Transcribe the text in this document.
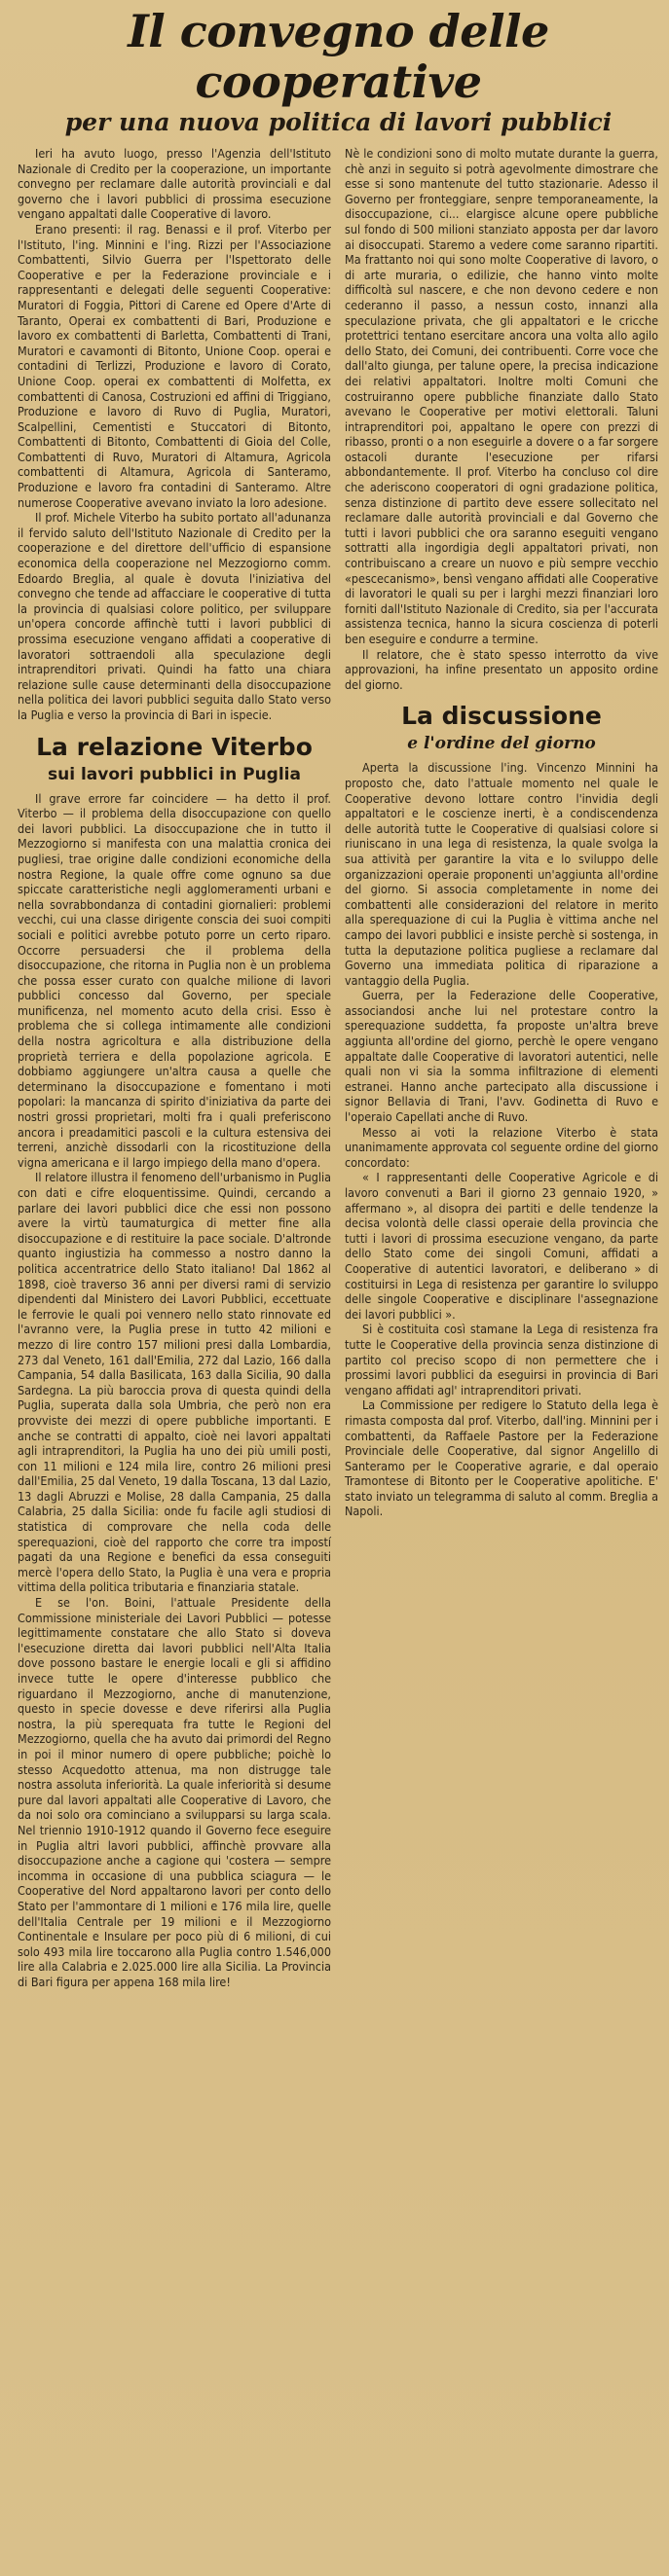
Il convegno delle cooperative
per una nuova politica di lavori pubblici

Ieri ha avuto luogo, presso l'Agenzia dell'Istituto Nazionale di Credito per la cooperazione, un importante convegno per reclamare dalle autorità provinciali e dal governo che i lavori pubblici di prossima esecuzione vengano appaltati dalle Cooperative di lavoro.

Erano presenti: il rag. Benassi e il prof. Viterbo per l'Istituto, l'ing. Minnini e l'ing. Rizzi per l'Associazione Combattenti, Silvio Guerra per l'Ispettorato delle Cooperative e per la Federazione provinciale e i rappresentanti e delegati delle seguenti Cooperative: Muratori di Foggia, Pittori di Carene ed Opere d'Arte di Taranto, Operai ex combattenti di Bari, Produzione e lavoro ex combattenti di Barletta, Combattenti di Trani, Muratori e cavamonti di Bitonto, Unione Coop. operai e contadini di Terlizzi, Produzione e lavoro di Corato, Unione Coop. operai ex combattenti di Molfetta, ex combattenti di Canosa, Costruzioni ed affini di Triggiano, Produzione e lavoro di Ruvo di Puglia, Muratori, Scalpellini, Cementisti e Stuccatori di Bitonto, Combattenti di Bitonto, Combattenti di Gioia del Colle, Combattenti di Ruvo, Muratori di Altamura, Agricola combattenti di Altamura, Agricola di Santeramo, Produzione e lavoro fra contadini di Santeramo. Altre numerose Cooperative avevano inviato la loro adesione.

Il prof. Michele Viterbo ha subito portato all'adunanza il fervido saluto dell'Istituto Nazionale di Credito per la cooperazione e del direttore dell'ufficio di espansione economica della cooperazione nel Mezzogiorno comm. Edoardo Breglia, al quale è dovuta l'iniziativa del convegno che tende ad affacciare le cooperative di tutta la provincia di qualsiasi colore politico, per sviluppare un'opera concorde affinchè tutti i lavori pubblici di prossima esecuzione vengano affidati a cooperative di lavoratori sottraendoli alla speculazione degli intraprenditori privati. Quindi ha fatto una chiara relazione sulle cause determinanti della disoccupazione nella politica dei lavori pubblici seguita dallo Stato verso la Puglia e verso la provincia di Bari in ispecie.

La relazione Viterbo
sui lavori pubblici in Puglia

Il grave errore far coincidere — ha detto il prof. Viterbo — il problema della disoccupazione con quello dei lavori pubblici. La disoccupazione che in tutto il Mezzogiorno si manifesta con una malattia cronica dei pugliesi, trae origine dalle condizioni economiche della nostra Regione, la quale offre come ognuno sa due spiccate caratteristiche negli agglomeramenti urbani e nella sovrabbondanza di contadini giornalieri: problemi vecchi, cui una classe dirigente conscia dei suoi compiti sociali e politici avrebbe potuto porre un certo riparo. Occorre persuadersi che il problema della disoccupazione, che ritorna in Puglia non è un problema che possa esser curato con qualche milione di lavori pubblici concesso dal Governo, per speciale munificenza, nel momento acuto della crisi. Esso è problema che si collega intimamente alle condizioni della nostra agricoltura e alla distribuzione della proprietà terriera e della popolazione agricola. E dobbiamo aggiungere un'altra causa a quelle che determinano la disoccupazione e fomentano i moti popolari: la mancanza di spirito d'iniziativa da parte dei nostri grossi proprietari, molti fra i quali preferiscono ancora i preadamitici pascoli e la cultura estensiva dei terreni, anzichè dissodarli con la ricostituzione della vigna americana e il largo impiego della mano d'opera.

Il relatore illustra il fenomeno dell'urbanismo in Puglia con dati e cifre eloquentissime. Quindi, cercando a parlare dei lavori pubblici dice che essi non possono avere la virtù taumaturgica di metter fine alla disoccupazione e di restituire la pace sociale. D'altronde quanto ingiustizia ha commesso a nostro danno la politica accentratrice dello Stato italiano! Dal 1862 al 1898, cioè traverso 36 anni per diversi rami di servizio dipendenti dal Ministero dei Lavori Pubblici, eccettuate le ferrovie le quali poi vennero nello stato rinnovate ed l'avranno vere, la Puglia prese in tutto 42 milioni e mezzo di lire contro 157 milioni presi dalla Lombardia, 273 dal Veneto, 161 dall'Emilia, 272 dal Lazio, 166 dalla Campania, 54 dalla Basilicata, 163 dalla Sicilia, 90 dalla Sardegna. La più baroccia prova di questa quindi della Puglia, superata dalla sola Umbria, che però non era provviste dei mezzi di opere pubbliche importanti. E anche se contratti di appalto, cioè nei lavori appaltati agli intraprenditori, la Puglia ha uno dei più umili posti, con 11 milioni e 124 mila lire, contro 26 milioni presi dall'Emilia, 25 dal Veneto, 19 dalla Toscana, 13 dal Lazio, 13 dagli Abruzzi e Molise, 28 dalla Campania, 25 dalla Calabria, 25 dalla Sicilia: onde fu facile agli studiosi di statistica di comprovare che nella coda delle sperequazioni, cioè del rapporto che corre tra impostí pagati da una Regione e benefici da essa conseguiti mercè l'opera dello Stato, la Puglia è una vera e propria vittima della politica tributaria e finanziaria statale.

E se l'on. Boini, l'attuale Presidente della Commissione ministeriale dei Lavori Pubblici — potesse legittimamente constatare che allo Stato si doveva l'esecuzione diretta dai lavori pubblici nell'Alta Italia dove possono bastare le energie locali e gli si affidino invece tutte le opere d'interesse pubblico che riguardano il Mezzogiorno, anche di manutenzione, questo in specie dovesse e deve riferirsi alla Puglia nostra, la più sperequata fra tutte le Regioni del Mezzogiorno, quella che ha avuto dai primordi del Regno in poi il minor numero di opere pubbliche; poichè lo stesso Acquedotto attenua, ma non distrugge tale nostra assoluta inferiorità. La quale inferiorità si desume pure dal lavori appaltati alle Cooperative di Lavoro, che da noi solo ora cominciano a svilupparsi su larga scala. Nel triennio 1910-1912 quando il Governo fece eseguire in Puglia altri lavori pubblici, affinchè provvare alla disoccupazione anche a cagione qui 'costera — sempre incomma in occasione di una pubblica sciagura — le Cooperative del Nord appaltarono lavori per conto dello Stato per l'ammontare di 1 milioni e 176 mila lire, quelle dell'Italia Centrale per 19 milioni e il Mezzogiorno Continentale e Insulare per poco più di 6 milioni, di cui solo 493 mila lire toccarono alla Puglia contro 1.546,000 lire alla Calabria e 2.025.000 lire alla Sicilia. La Provincia di Bari figura per appena 168 mila lire!

Nè le condizioni sono di molto mutate durante la guerra, chè anzi in seguito si potrà agevolmente dimostrare che esse si sono mantenute del tutto stazionarie. Adesso il Governo per fronteggiare, senpre temporaneamente, la disoccupazione, ci... elargisce alcune opere pubbliche sul fondo di 500 milioni stanziato apposta per dar lavoro ai disoccupati. Staremo a vedere come saranno ripartiti. Ma frattanto noi qui sono molte Cooperative di lavoro, o di arte muraria, o edilizie, che hanno vinto molte difficoltà sul nascere, e che non devono cedere e non cederanno il passo, a nessun costo, innanzi alla speculazione privata, che gli appaltatori e le cricche protettrici tentano esercitare ancora una volta allo agilo dello Stato, dei Comuni, dei contribuenti. Corre voce che dall'alto giunga, per talune opere, la precisa indicazione dei relativi appaltatori. Inoltre molti Comuni che costruiranno opere pubbliche finanziate dallo Stato avevano le Cooperative per motivi elettorali. Taluni intraprenditori poi, appaltano le opere con prezzi di ribasso, pronti o a non eseguirle a dovere o a far sorgere ostacoli durante l'esecuzione per rifarsi abbondantemente. Il prof. Viterbo ha concluso col dire che aderiscono cooperatori di ogni gradazione politica, senza distinzione di partito deve essere sollecitato nel reclamare dalle autorità provinciali e dal Governo che tutti i lavori pubblici che ora saranno eseguiti vengano sottratti alla ingordigia degli appaltatori privati, non contribuiscano a creare un nuovo e più sempre vecchio «pescecanismo», bensì vengano affidati alle Cooperative di lavoratori le quali su per i larghi mezzi finanziari loro forniti dall'Istituto Nazionale di Credito, sia per l'accurata assistenza tecnica, hanno la sicura coscienza di poterli ben eseguire e condurre a termine.

Il relatore, che è stato spesso interrotto da vive approvazioni, ha infine presentato un apposito ordine del giorno.

La discussione
e l'ordine del giorno

Aperta la discussione l'ing. Vincenzo Minnini ha proposto che, dato l'attuale momento nel quale le Cooperative devono lottare contro l'invidia degli appaltatori e le coscienze inerti, è a condiscendenza delle autorità tutte le Cooperative di qualsiasi colore si riuniscano in una lega di resistenza, la quale svolga la sua attività per garantire la vita e lo sviluppo delle organizzazioni operaie proponenti un'aggiunta all'ordine del giorno. Si associa completamente in nome dei combattenti alle considerazioni del relatore in merito alla sperequazione di cui la Puglia è vittima anche nel campo dei lavori pubblici e insiste perchè si sostenga, in tutta la deputazione politica pugliese a reclamare dal Governo una immediata politica di riparazione a vantaggio della Puglia.

Guerra, per la Federazione delle Cooperative, associandosi anche lui nel protestare contro la sperequazione suddetta, fa proposte un'altra breve aggiunta all'ordine del giorno, perchè le opere vengano appaltate dalle Cooperative di lavoratori autentici, nelle quali non vi sia la somma infiltrazione di elementi estranei. Hanno anche partecipato alla discussione i signor Bellavia di Trani, l'avv. Godinetta di Ruvo e l'operaio Capellati anche di Ruvo.

Messo ai voti la relazione Viterbo è stata unanimamente approvata col seguente ordine del giorno concordato:

« I rappresentanti delle Cooperative Agricole e di lavoro convenuti a Bari il giorno 23 gennaio 1920, » affermano », al disopra dei partiti e delle tendenze la decisa volontà delle classi operaie della provincia che tutti i lavori di prossima esecuzione vengano, da parte dello Stato come dei singoli Comuni, affidati a Cooperative di autentici lavoratori, e deliberano » di costituirsi in Lega di resistenza per garantire lo sviluppo delle singole Cooperative e disciplinare l'assegnazione dei lavori pubblici ».

Si è costituita così stamane la Lega di resistenza fra tutte le Cooperative della provincia senza distinzione di partito col preciso scopo di non permettere che i prossimi lavori pubblici da eseguirsi in provincia di Bari vengano affidati agl' intraprenditori privati.

La Commissione per redigere lo Statuto della lega è rimasta composta dal prof. Viterbo, dall'ing. Minnini per i combattenti, da Raffaele Pastore per la Federazione Provinciale delle Cooperative, dal signor Angelillo di Santeramo per le Cooperative agrarie, e dal operaio Tramontese di Bitonto per le Cooperative apolitiche. E' stato inviato un telegramma di saluto al comm. Breglia a Napoli.
